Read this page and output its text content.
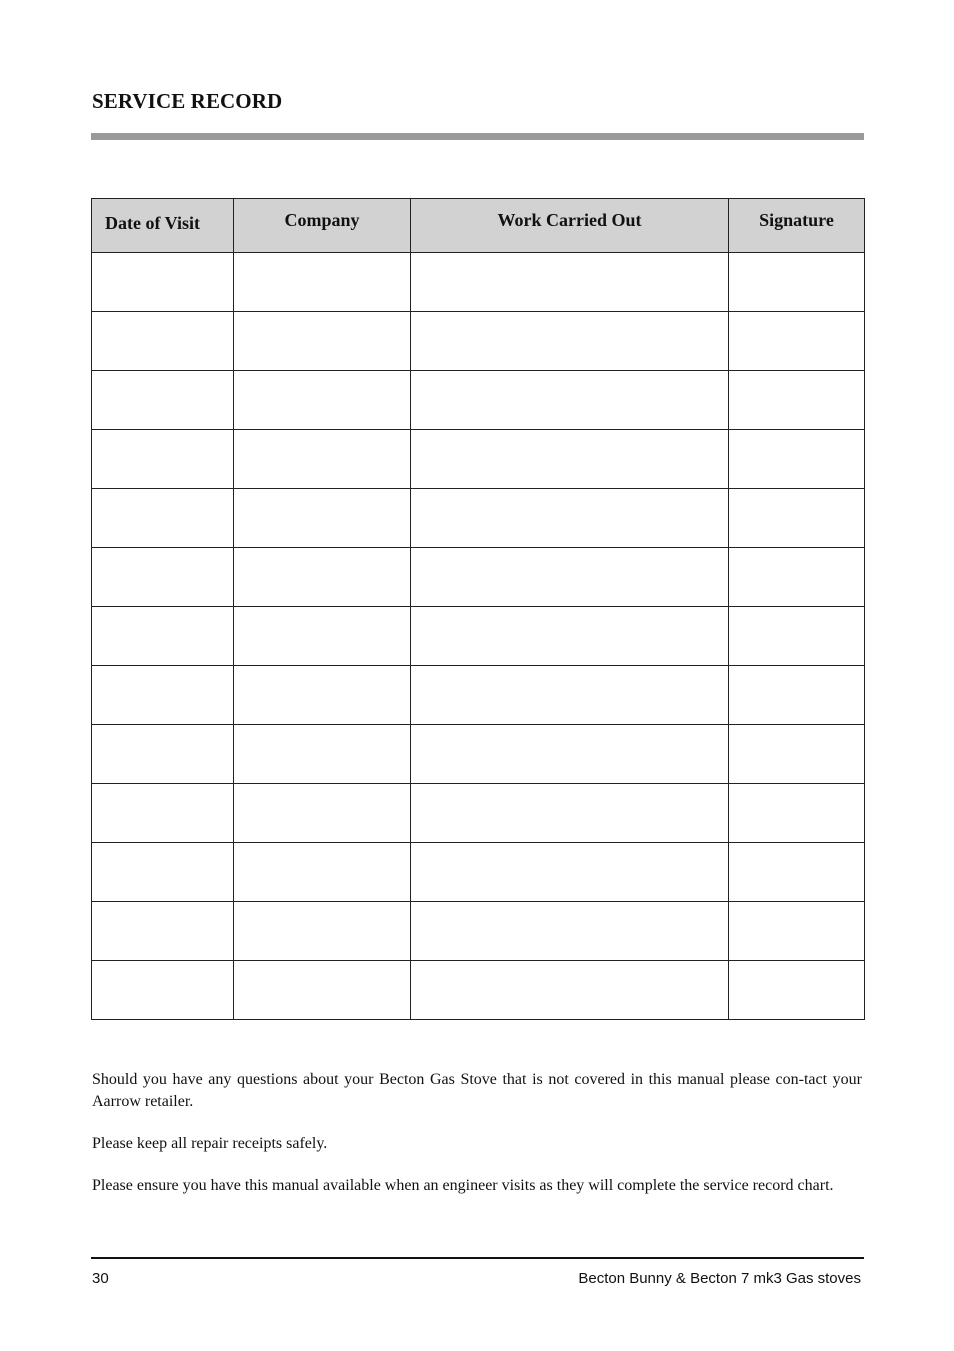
SERVICE RECORD
Date of Visit	Company	Work Carried Out	Signature

Should you have any questions about your Becton Gas Stove that is not covered in this manual please con-tact your Aarrow retailer.

Please keep all repair receipts safely.

Please ensure you have this manual available when an engineer visits as they will complete the service record chart.

30	Becton Bunny & Becton 7 mk3 Gas stoves
